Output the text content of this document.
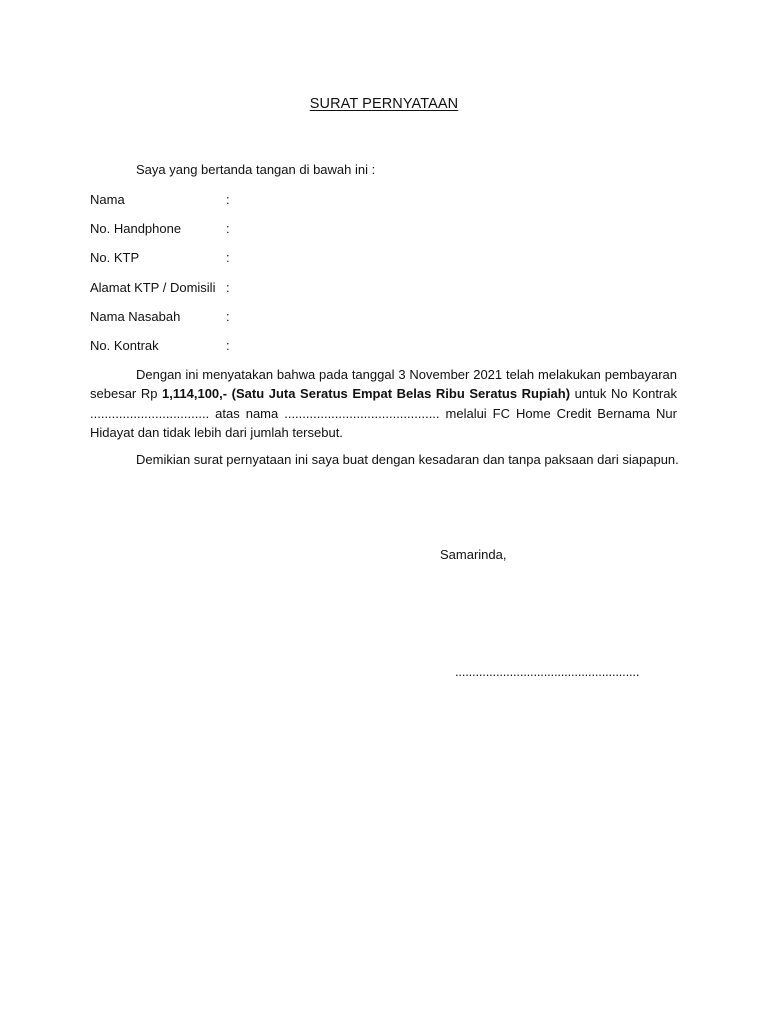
SURAT PERNYATAAN
Saya yang bertanda tangan di bawah ini :
Nama	:
No. Handphone	:
No. KTP	:
Alamat KTP / Domisili :
Nama Nasabah	:
No. Kontrak	:
Dengan ini menyatakan bahwa pada tanggal 3 November 2021 telah melakukan pembayaran sebesar Rp 1,114,100,- (Satu Juta Seratus Empat Belas Ribu Seratus Rupiah) untuk No Kontrak ................................. atas nama ........................................... melalui FC Home Credit Bernama Nur Hidayat dan tidak lebih dari jumlah tersebut.
Demikian surat pernyataan ini saya buat dengan kesadaran dan tanpa paksaan dari siapapun.
Samarinda,
......................................................
